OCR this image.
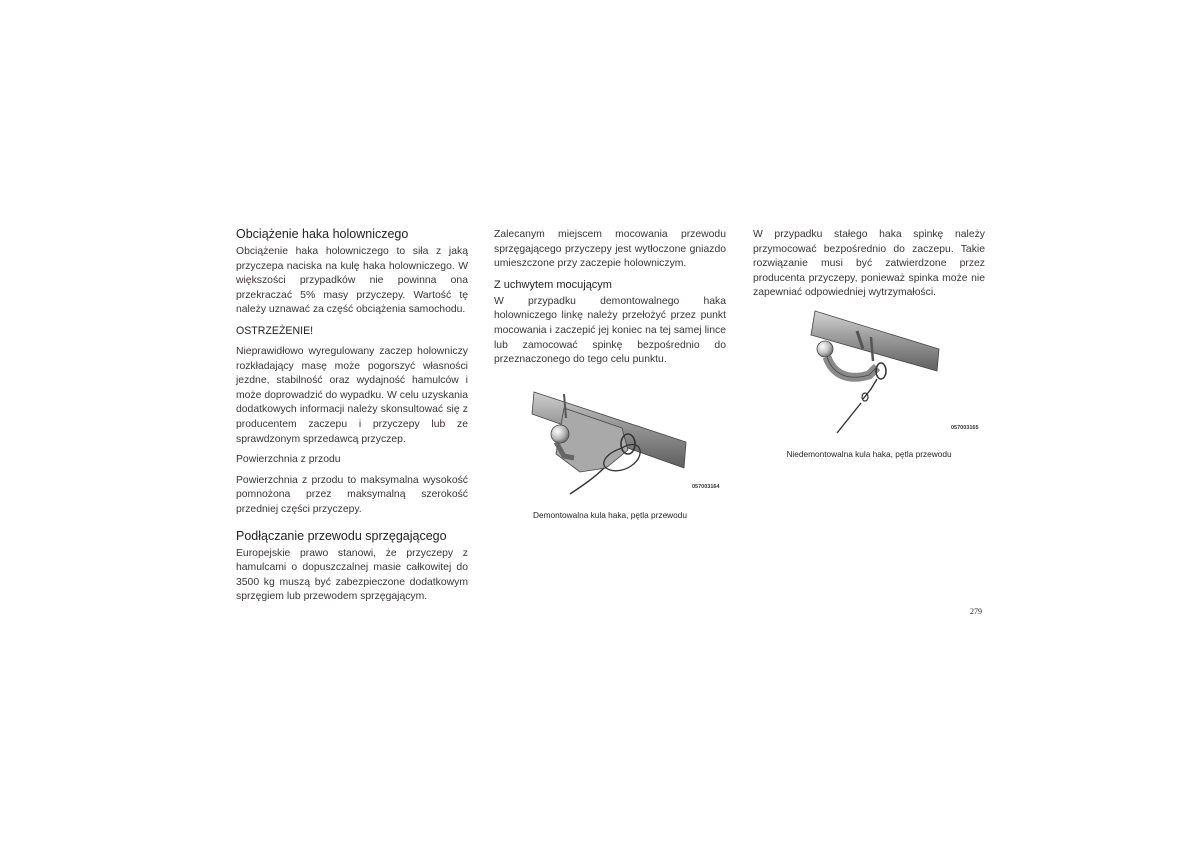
Obciążenie haka holowniczego

Obciążenie haka holowniczego to siła z jaką przyczepa naciska na kulę haka holowniczego. W większości przypadków nie powinna ona przekraczać 5% masy przyczepy. Wartość tę należy uznawać za część obciążenia samochodu.

OSTRZEŻENIE!

Nieprawidłowo wyregulowany zaczep holowniczy rozkładający masę może pogorszyć własności jezdne, stabilność oraz wydajność hamulców i może doprowadzić do wypadku. W celu uzyskania dodatkowych informacji należy skonsultować się z producentem zaczepu i przyczepy lub ze sprawdzonym sprzedawcą przyczep.

Powierzchnia z przodu

Powierzchnia z przodu to maksymalna wysokość pomnożona przez maksymalną szerokość przedniej części przyczepy.

Podłączanie przewodu sprzęgającego

Europejskie prawo stanowi, że przyczepy z hamulcami o dopuszczalnej masie całkowitej do 3500 kg muszą być zabezpieczone dodatkowym sprzęgiem lub przewodem sprzęgającym.

Zalecanym miejscem mocowania przewodu sprzęgającego przyczepy jest wytłoczone gniazdo umieszczone przy zaczepie holowniczym.

Z uchwytem mocującym

W przypadku demontowalnego haka holowniczego linkę należy przełożyć przez punkt mocowania i zaczepić jej koniec na tej samej lince lub zamocować spinkę bezpośrednio do przeznaczonego do tego celu punktu.

057003164
Demontowalna kula haka, pętla przewodu

W przypadku stałego haka spinkę należy przymocować bezpośrednio do zaczepu. Takie rozwiązanie musi być zatwierdzone przez producenta przyczepy, ponieważ spinka może nie zapewniać odpowiedniej wytrzymałości.

057003165
Niedemontowalna kula haka, pętla przewodu
279
